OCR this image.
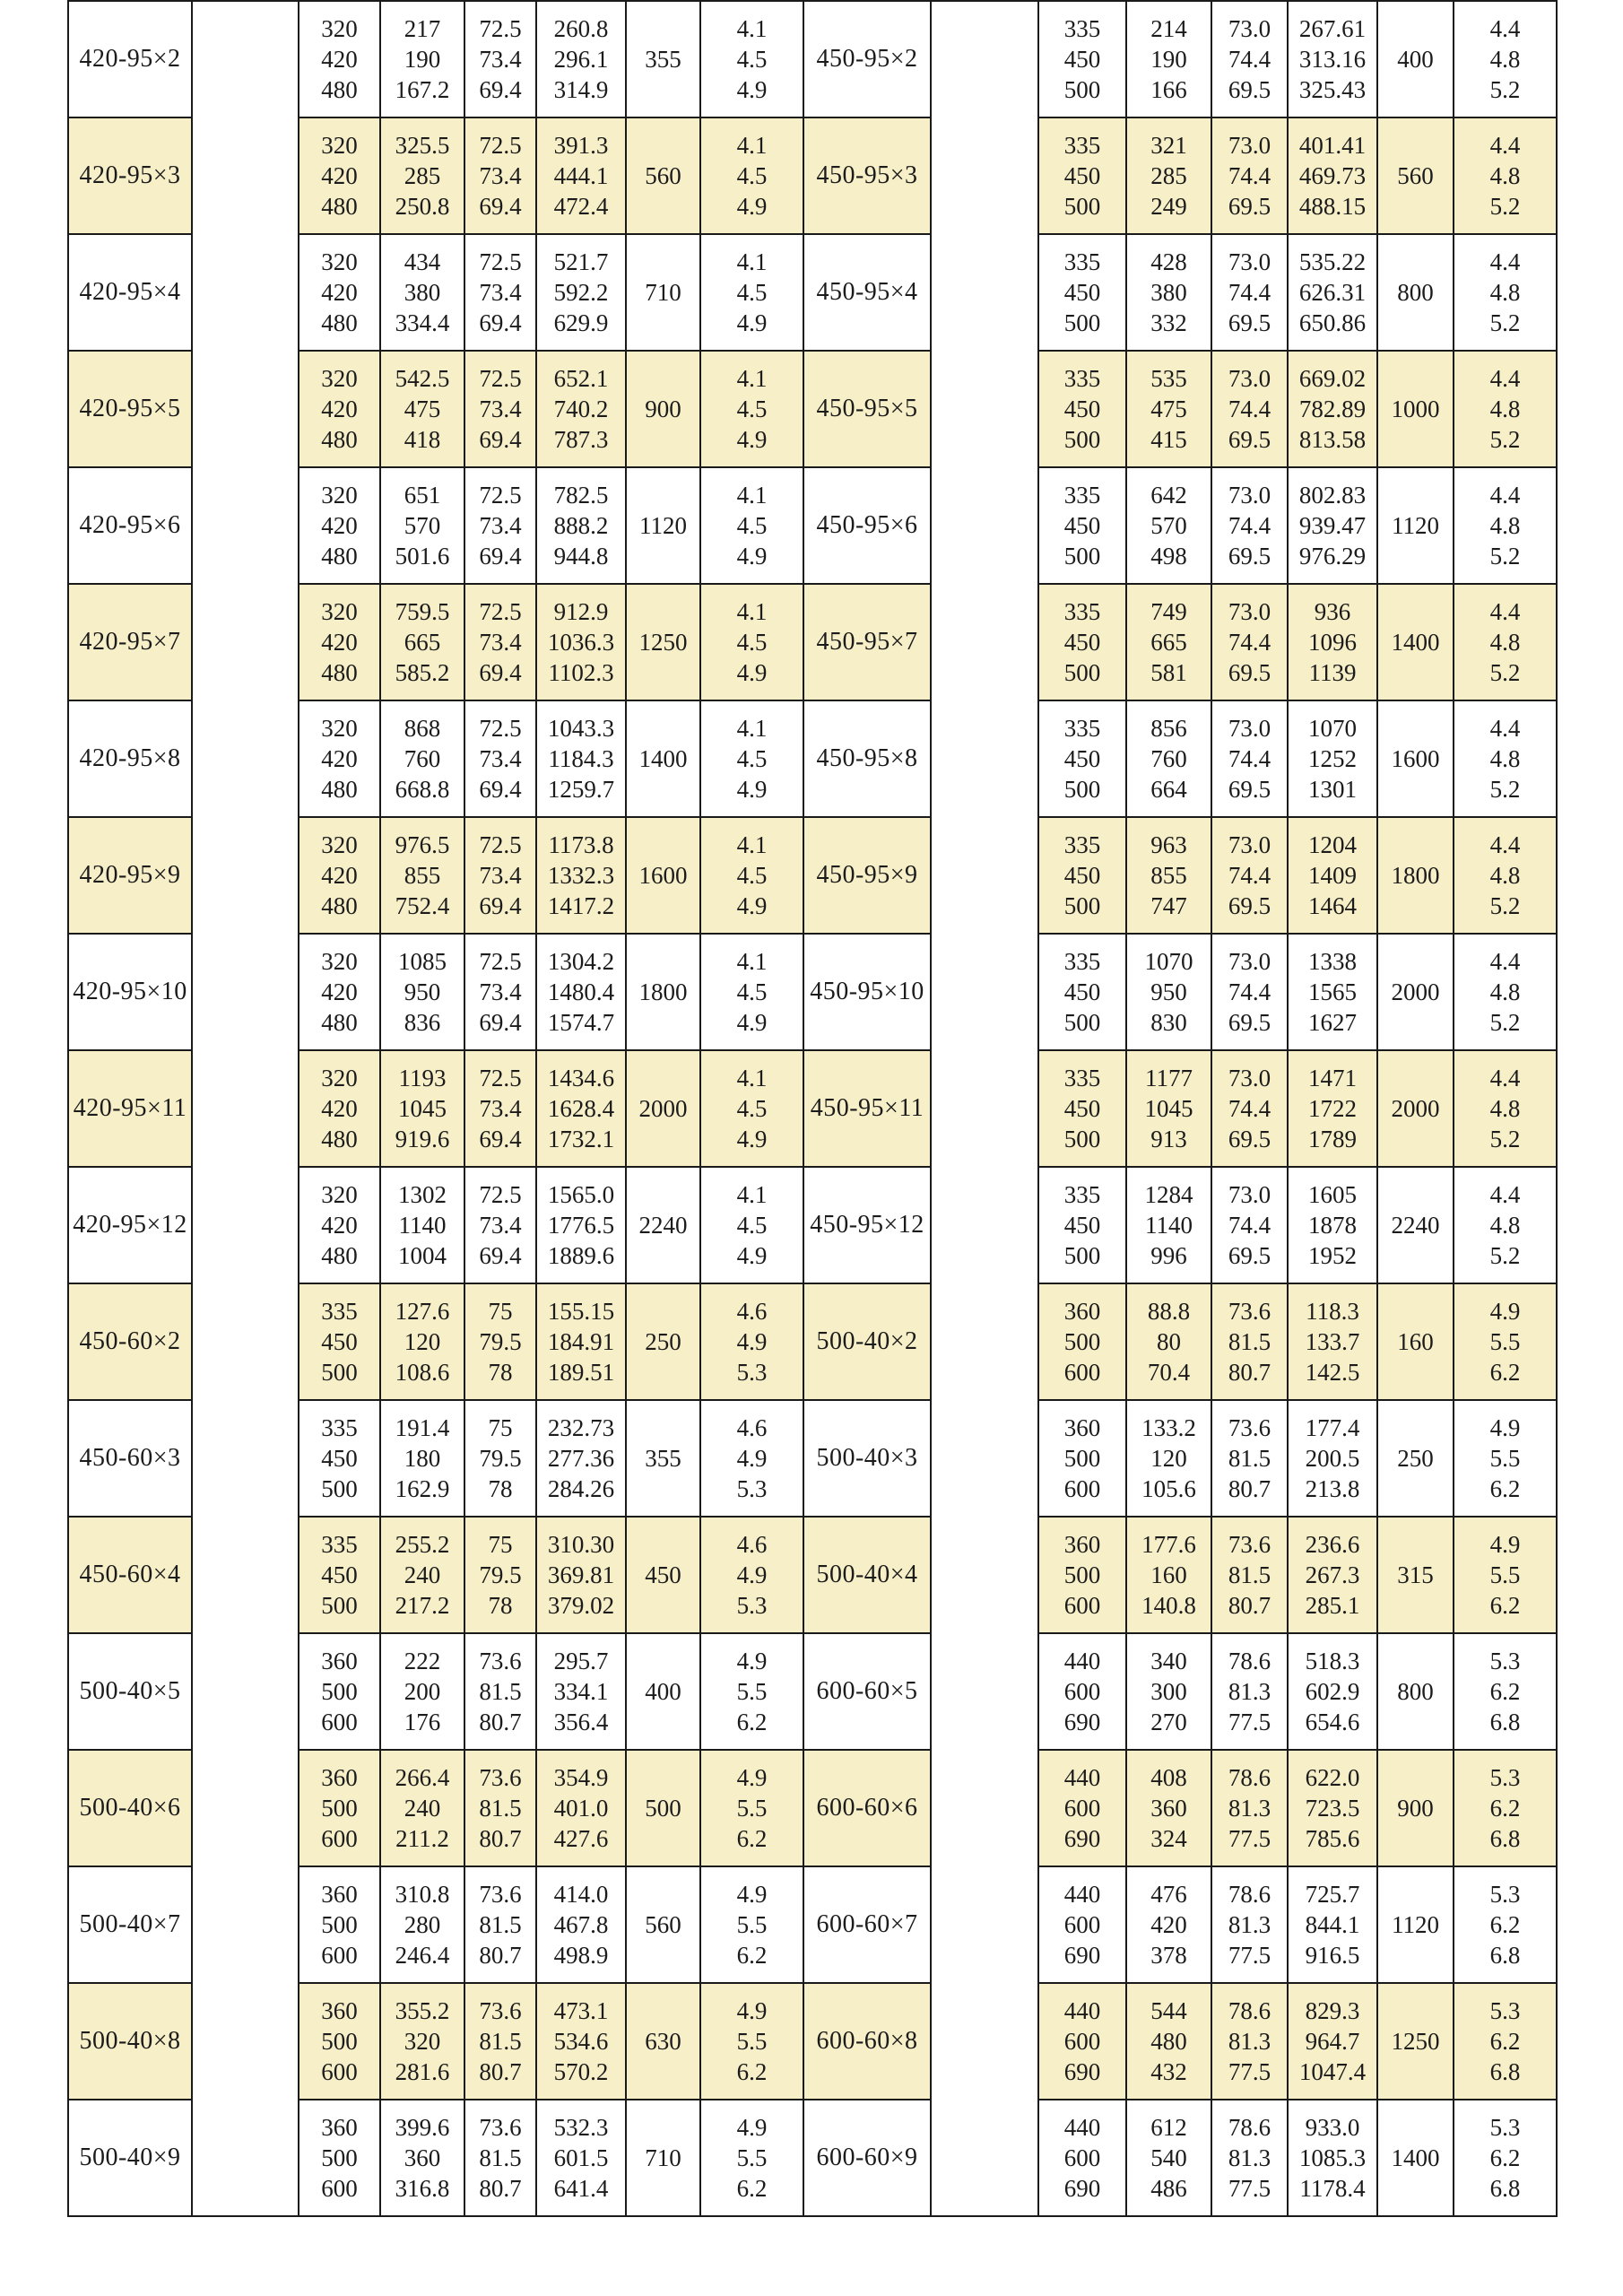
420-95×2
320
420
480
217
190
167.2
72.5
73.4
69.4
260.8
296.1
314.9
355
4.1
4.5
4.9
450-95×2
335
450
500
214
190
166
73.0
74.4
69.5
267.61
313.16
325.43
400
4.4
4.8
5.2
420-95×3
320
420
480
325.5
285
250.8
72.5
73.4
69.4
391.3
444.1
472.4
560
4.1
4.5
4.9
450-95×3
335
450
500
321
285
249
73.0
74.4
69.5
401.41
469.73
488.15
560
4.4
4.8
5.2
420-95×4
320
420
480
434
380
334.4
72.5
73.4
69.4
521.7
592.2
629.9
710
4.1
4.5
4.9
450-95×4
335
450
500
428
380
332
73.0
74.4
69.5
535.22
626.31
650.86
800
4.4
4.8
5.2
420-95×5
320
420
480
542.5
475
418
72.5
73.4
69.4
652.1
740.2
787.3
900
4.1
4.5
4.9
450-95×5
335
450
500
535
475
415
73.0
74.4
69.5
669.02
782.89
813.58
1000
4.4
4.8
5.2
420-95×6
320
420
480
651
570
501.6
72.5
73.4
69.4
782.5
888.2
944.8
1120
4.1
4.5
4.9
450-95×6
335
450
500
642
570
498
73.0
74.4
69.5
802.83
939.47
976.29
1120
4.4
4.8
5.2
420-95×7
320
420
480
759.5
665
585.2
72.5
73.4
69.4
912.9
1036.3
1102.3
1250
4.1
4.5
4.9
450-95×7
335
450
500
749
665
581
73.0
74.4
69.5
936
1096
1139
1400
4.4
4.8
5.2
420-95×8
320
420
480
868
760
668.8
72.5
73.4
69.4
1043.3
1184.3
1259.7
1400
4.1
4.5
4.9
450-95×8
335
450
500
856
760
664
73.0
74.4
69.5
1070
1252
1301
1600
4.4
4.8
5.2
420-95×9
320
420
480
976.5
855
752.4
72.5
73.4
69.4
1173.8
1332.3
1417.2
1600
4.1
4.5
4.9
450-95×9
335
450
500
963
855
747
73.0
74.4
69.5
1204
1409
1464
1800
4.4
4.8
5.2
420-95×10
320
420
480
1085
950
836
72.5
73.4
69.4
1304.2
1480.4
1574.7
1800
4.1
4.5
4.9
450-95×10
335
450
500
1070
950
830
73.0
74.4
69.5
1338
1565
1627
2000
4.4
4.8
5.2
420-95×11
320
420
480
1193
1045
919.6
72.5
73.4
69.4
1434.6
1628.4
1732.1
2000
4.1
4.5
4.9
450-95×11
335
450
500
1177
1045
913
73.0
74.4
69.5
1471
1722
1789
2000
4.4
4.8
5.2
420-95×12
320
420
480
1302
1140
1004
72.5
73.4
69.4
1565.0
1776.5
1889.6
2240
4.1
4.5
4.9
450-95×12
335
450
500
1284
1140
996
73.0
74.4
69.5
1605
1878
1952
2240
4.4
4.8
5.2
450-60×2
335
450
500
127.6
120
108.6
75
79.5
78
155.15
184.91
189.51
250
4.6
4.9
5.3
500-40×2
360
500
600
88.8
80
70.4
73.6
81.5
80.7
118.3
133.7
142.5
160
4.9
5.5
6.2
450-60×3
335
450
500
191.4
180
162.9
75
79.5
78
232.73
277.36
284.26
355
4.6
4.9
5.3
500-40×3
360
500
600
133.2
120
105.6
73.6
81.5
80.7
177.4
200.5
213.8
250
4.9
5.5
6.2
450-60×4
335
450
500
255.2
240
217.2
75
79.5
78
310.30
369.81
379.02
450
4.6
4.9
5.3
500-40×4
360
500
600
177.6
160
140.8
73.6
81.5
80.7
236.6
267.3
285.1
315
4.9
5.5
6.2
500-40×5
360
500
600
222
200
176
73.6
81.5
80.7
295.7
334.1
356.4
400
4.9
5.5
6.2
600-60×5
440
600
690
340
300
270
78.6
81.3
77.5
518.3
602.9
654.6
800
5.3
6.2
6.8
500-40×6
360
500
600
266.4
240
211.2
73.6
81.5
80.7
354.9
401.0
427.6
500
4.9
5.5
6.2
600-60×6
440
600
690
408
360
324
78.6
81.3
77.5
622.0
723.5
785.6
900
5.3
6.2
6.8
500-40×7
360
500
600
310.8
280
246.4
73.6
81.5
80.7
414.0
467.8
498.9
560
4.9
5.5
6.2
600-60×7
440
600
690
476
420
378
78.6
81.3
77.5
725.7
844.1
916.5
1120
5.3
6.2
6.8
500-40×8
360
500
600
355.2
320
281.6
73.6
81.5
80.7
473.1
534.6
570.2
630
4.9
5.5
6.2
600-60×8
440
600
690
544
480
432
78.6
81.3
77.5
829.3
964.7
1047.4
1250
5.3
6.2
6.8
500-40×9
360
500
600
399.6
360
316.8
73.6
81.5
80.7
532.3
601.5
641.4
710
4.9
5.5
6.2
600-60×9
440
600
690
612
540
486
78.6
81.3
77.5
933.0
1085.3
1178.4
1400
5.3
6.2
6.8
